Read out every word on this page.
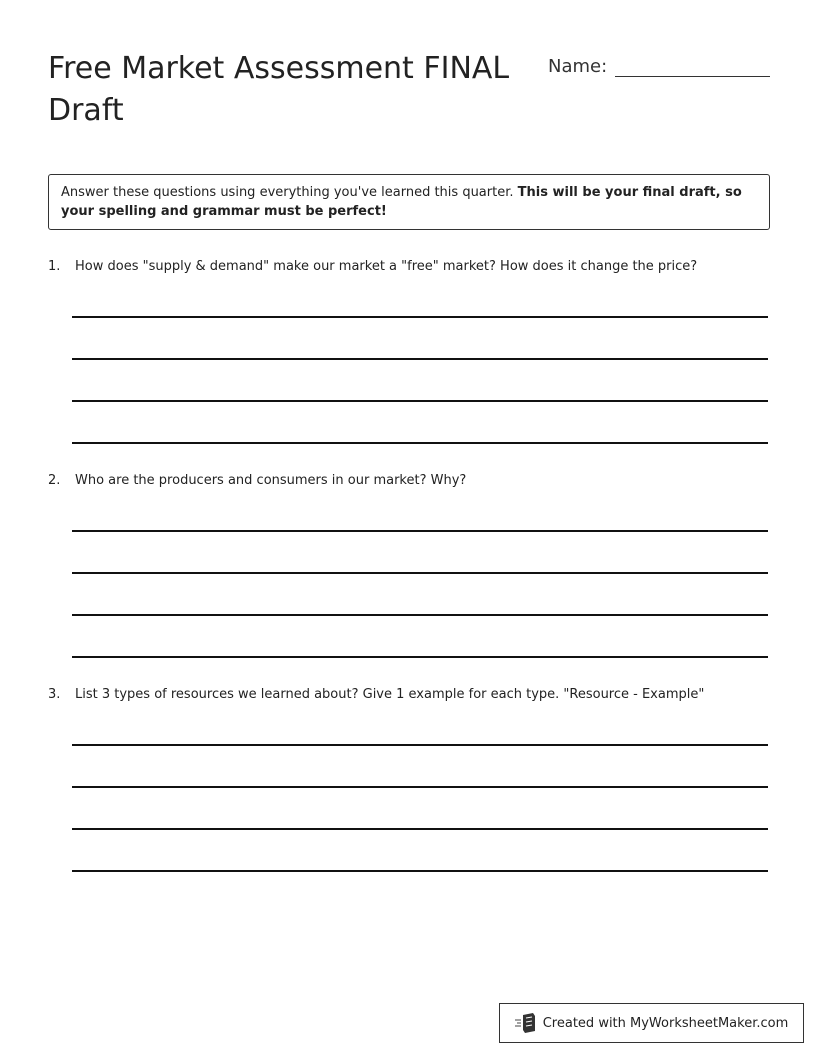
Free Market Assessment FINAL Draft
Name:
Answer these questions using everything you've learned this quarter. This will be your final draft, so your spelling and grammar must be perfect!
1.	How does "supply & demand" make our market a "free" market? How does it change the price?
2.	Who are the producers and consumers in our market? Why?
3.	List 3 types of resources we learned about? Give 1 example for each type. "Resource - Example"
Created with MyWorksheetMaker.com
